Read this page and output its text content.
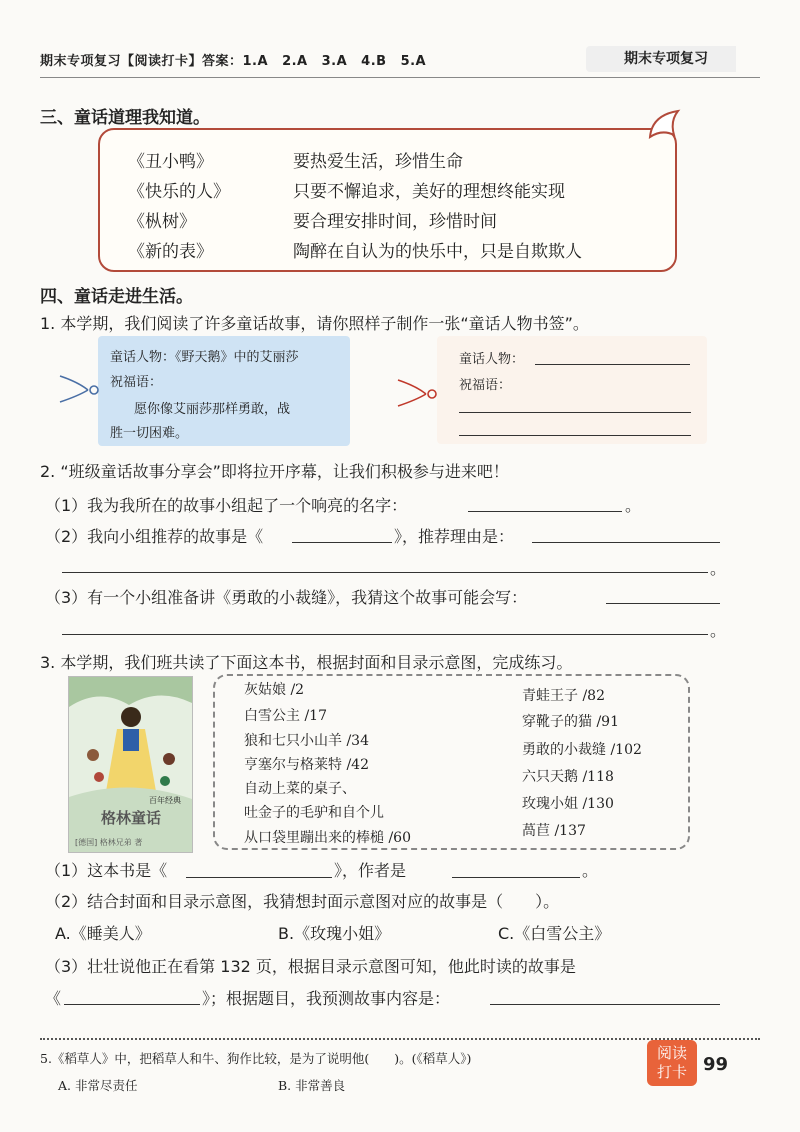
期末专项复习【阅读打卡】答案：1.A 2.A 3.A 4.B 5.A	期末专项复习
三、童话道理我知道。
《丑小鸭》	要热爱生活，珍惜生命
《快乐的人》	只要不懈追求，美好的理想终能实现
《枞树》	要合理安排时间，珍惜时间
《新的表》	陶醉在自认为的快乐中，只是自欺欺人
四、童话走进生活。
1. 本学期，我们阅读了许多童话故事，请你照样子制作一张“童话人物书签”。
童话人物：《野天鹅》中的艾丽莎
祝福语：
愿你像艾丽莎那样勇敢，战
胜一切困难。
童话人物：
祝福语：
2. “班级童话故事分享会”即将拉开序幕，让我们积极参与进来吧！
（1）我为我所在的故事小组起了一个响亮的名字：	。
（2）我向小组推荐的故事是《	》，推荐理由是：
。
（3）有一个小组准备讲《勇敢的小裁缝》，我猜这个故事可能会写：
。
3. 本学期，我们班共读了下面这本书，根据封面和目录示意图，完成练习。
百年经典
格林童话
[德国] 格林兄弟 著
灰姑娘 /2
白雪公主 /17
狼和七只小山羊 /34
亨塞尔与格莱特 /42
自动上菜的桌子、
吐金子的毛驴和自个儿
从口袋里蹦出来的棒槌 /60
青蛙王子 /82
穿靴子的猫 /91
勇敢的小裁缝 /102
六只天鹅 /118
玫瑰小姐 /130
萵苣 /137
（1）这本书是《	》，作者是	。
（2）结合封面和目录示意图，我猜想封面示意图对应的故事是（　　）。
A.《睡美人》	B.《玫瑰小姐》	C.《白雪公主》
（3）壮壮说他正在看第 132 页，根据目录示意图可知，他此时读的故事是
《	》；根据题目，我预测故事内容是：
5.《稻草人》中，把稻草人和牛、狗作比较，是为了说明他(　　)。(《稻草人》)
A. 非常尽责任	B. 非常善良
阅读
打卡 99
